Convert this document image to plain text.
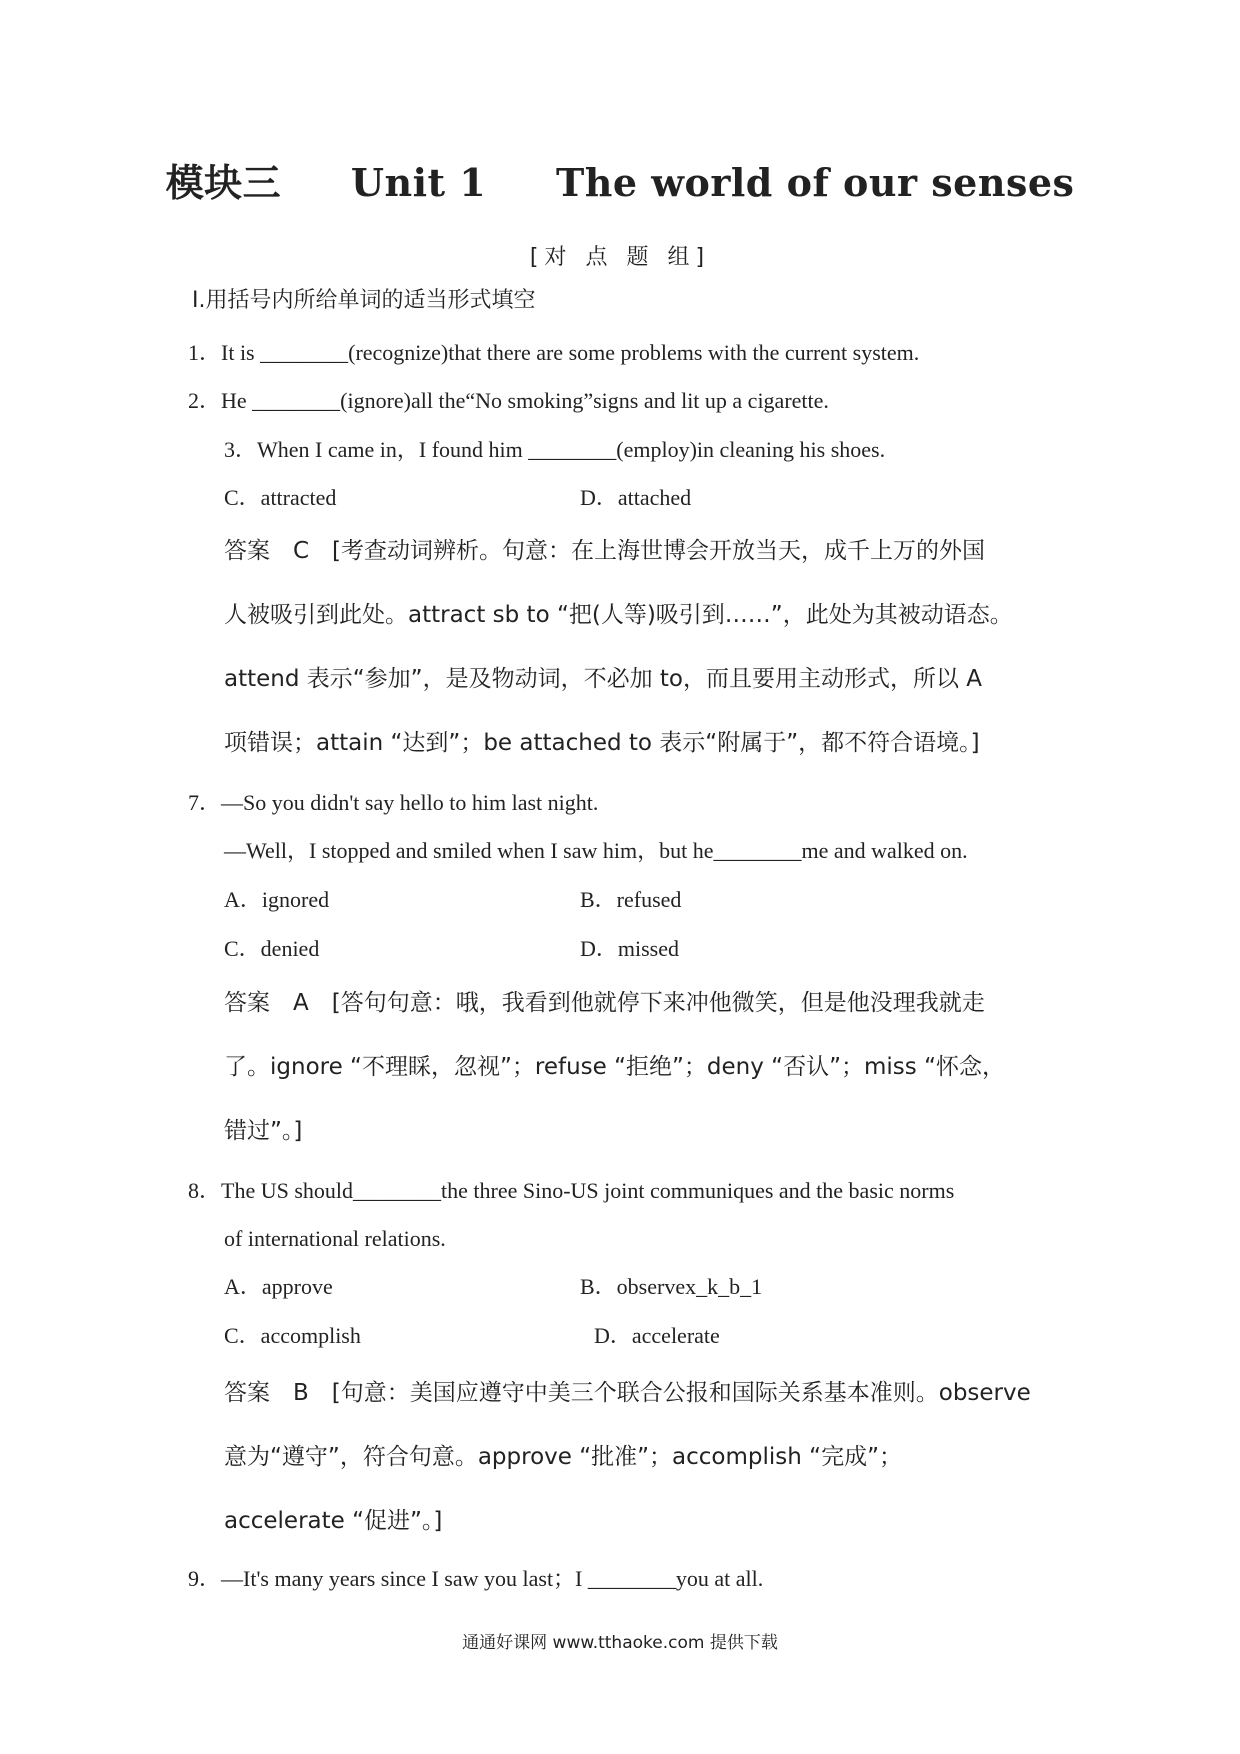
模块三 Unit 1 The world of our senses
[对 点 题 组]
Ⅰ.用括号内所给单词的适当形式填空
1．It is ________(recognize)that there are some problems with the current system.
2．He ________(ignore)all the“No smoking”signs and lit up a cigarette.
3．When I came in，I found him ________(employ)in cleaning his shoes.
C．attracted	D．attached
答案　C　[考查动词辨析。句意：在上海世博会开放当天，成千上万的外国
人被吸引到此处。attract sb to “把(人等)吸引到……”，此处为其被动语态。
attend 表示“参加”，是及物动词，不必加 to，而且要用主动形式，所以 A
项错误；attain “达到”；be attached to 表示“附属于”，都不符合语境。]
7．—So you didn't say hello to him last night.
—Well，I stopped and smiled when I saw him，but he________me and walked on.
A．ignored	B．refused
C．denied	D．missed
答案　A　[答句句意：哦，我看到他就停下来冲他微笑，但是他没理我就走
了。ignore “不理睬，忽视”；refuse “拒绝”；deny “否认”；miss “怀念，
错过”。]
8．The US should________the three Sino-US joint communiques and the basic norms
of international relations.
A．approve	B．observex_k_b_1
C．accomplish	D．accelerate
答案　B　[句意：美国应遵守中美三个联合公报和国际关系基本准则。observe
意为“遵守”，符合句意。approve “批准”；accomplish “完成”；
accelerate “促进”。]
9．—It's many years since I saw you last；I ________you at all.
通通好课网 www.tthaoke.com 提供下载
